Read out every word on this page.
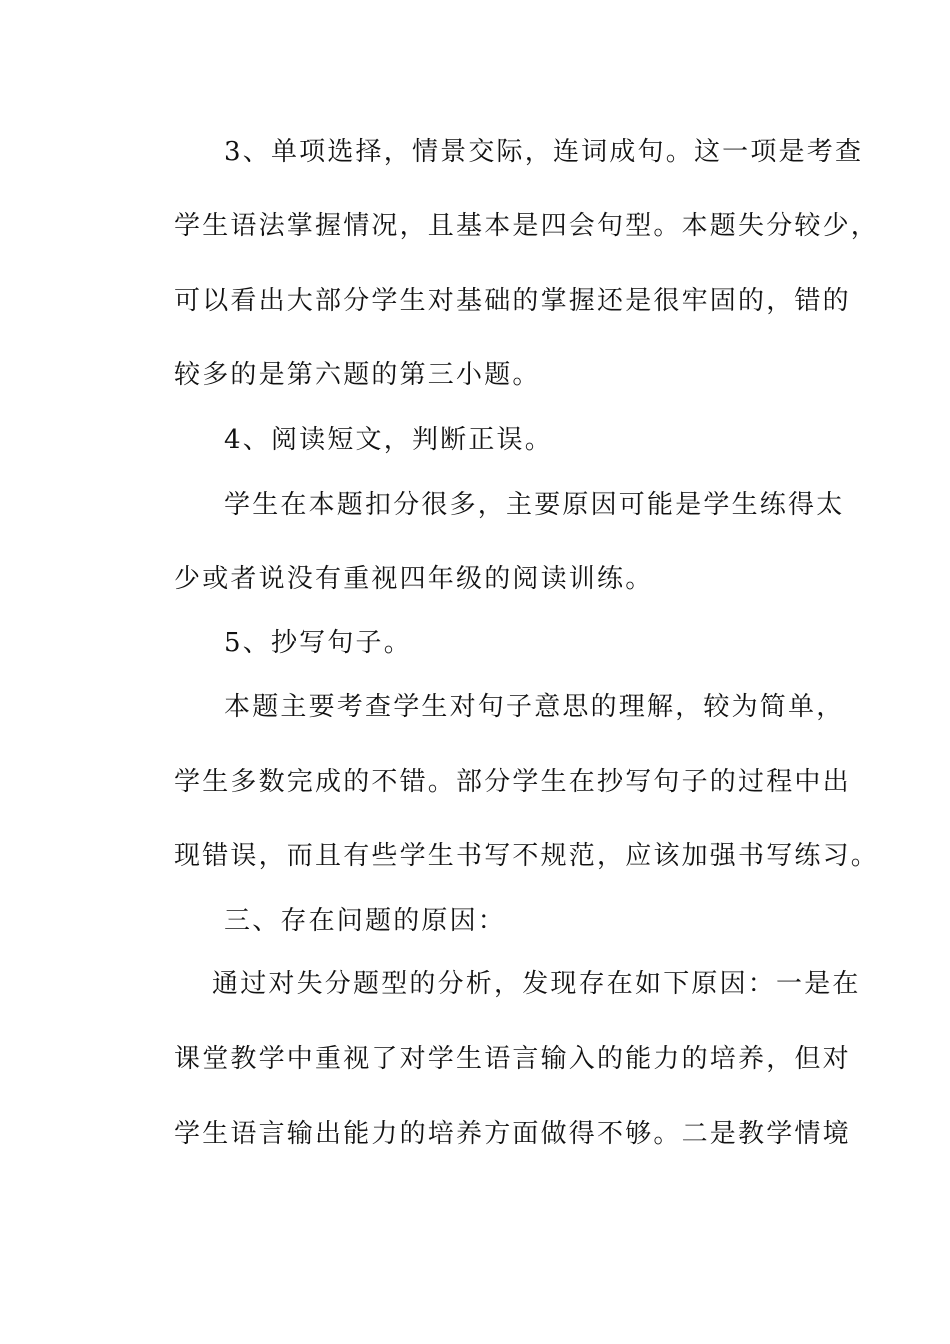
3、单项选择，情景交际，连词成句。这一项是考查
学生语法掌握情况，且基本是四会句型。本题失分较少，
可以看出大部分学生对基础的掌握还是很牢固的，错的
较多的是第六题的第三小题。
4、阅读短文，判断正误。
学生在本题扣分很多，主要原因可能是学生练得太
少或者说没有重视四年级的阅读训练。
5、抄写句子。
本题主要考查学生对句子意思的理解，较为简单，
学生多数完成的不错。部分学生在抄写句子的过程中出
现错误，而且有些学生书写不规范，应该加强书写练习。
三、存在问题的原因：
通过对失分题型的分析，发现存在如下原因：一是在
课堂教学中重视了对学生语言输入的能力的培养，但对
学生语言输出能力的培养方面做得不够。二是教学情境
